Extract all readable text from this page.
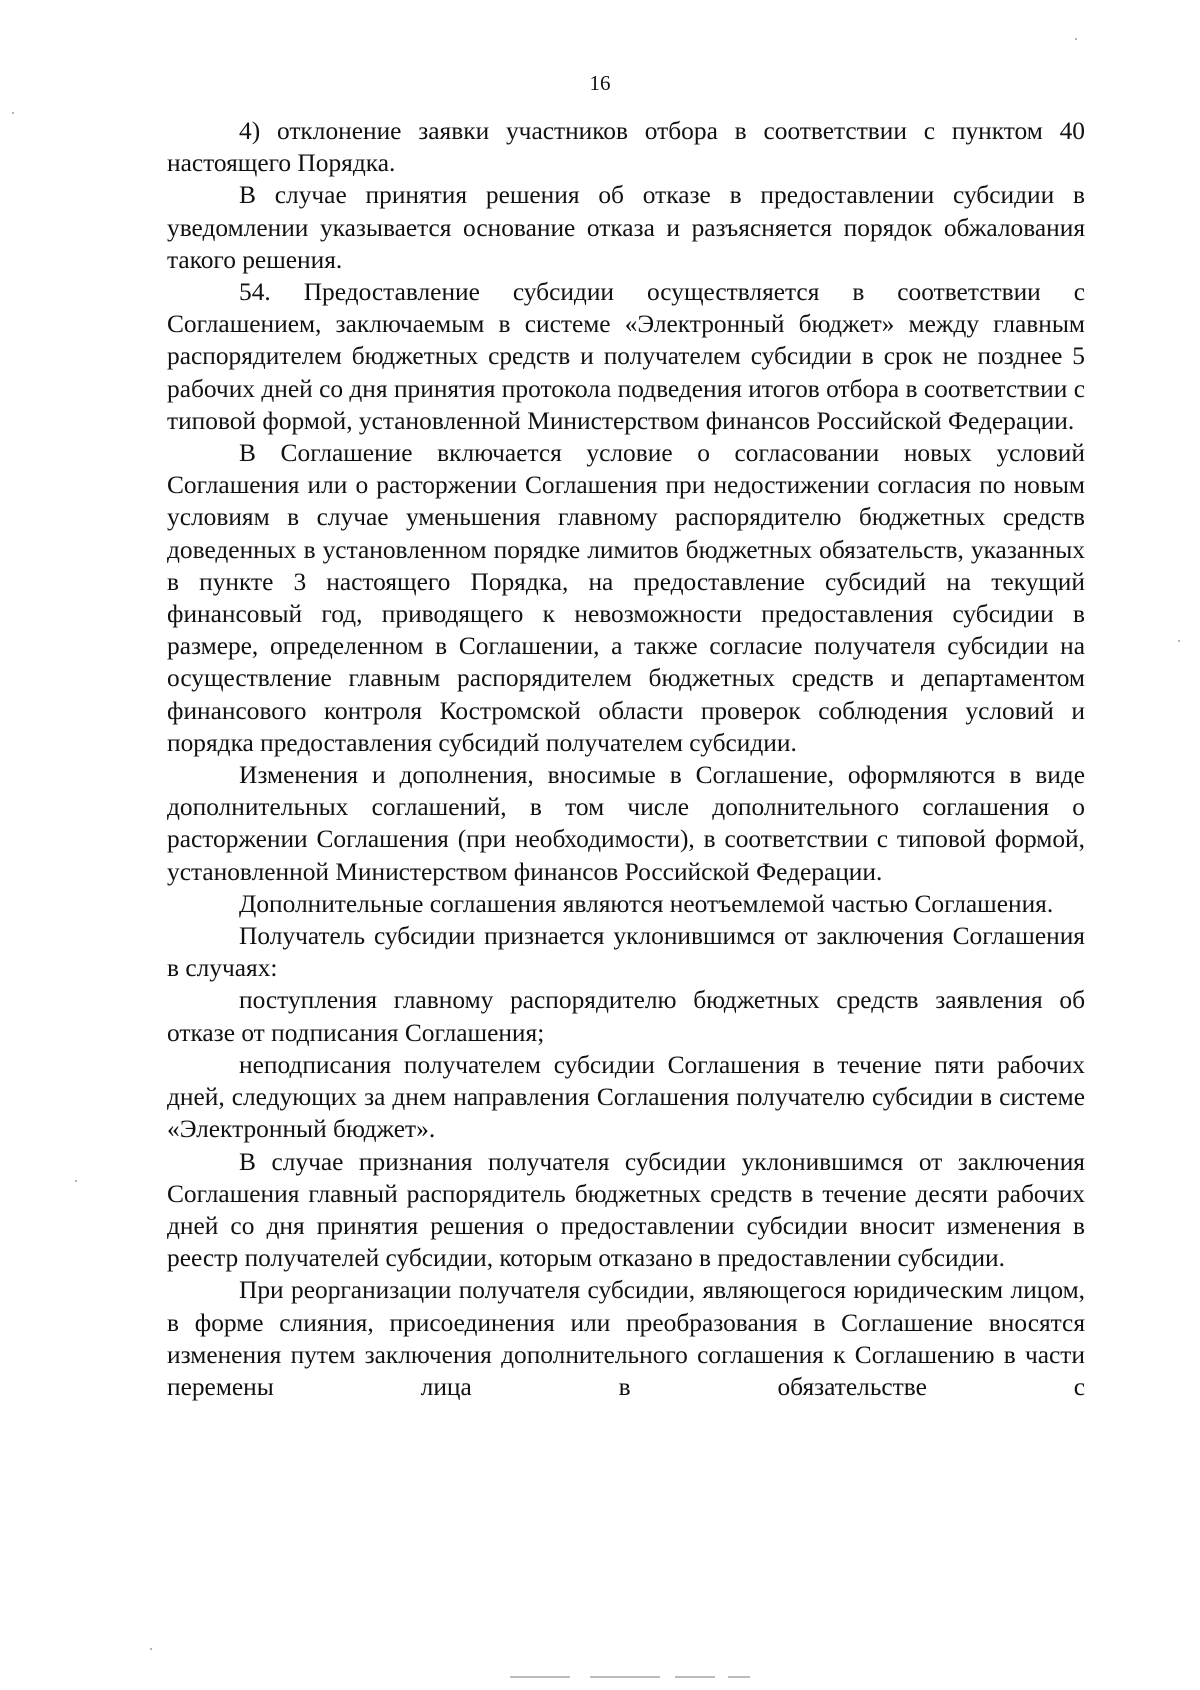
16

4) отклонение заявки участников отбора в соответствии с пунктом 40 настоящего Порядка.

В случае принятия решения об отказе в предоставлении субсидии в уведомлении указывается основание отказа и разъясняется порядок обжалования такого решения.

54. Предоставление субсидии осуществляется в соответствии с Соглашением, заключаемым в системе «Электронный бюджет» между главным распорядителем бюджетных средств и получателем субсидии в срок не позднее 5 рабочих дней со дня принятия протокола подведения итогов отбора в соответствии с типовой формой, установленной Министерством финансов Российской Федерации.

В Соглашение включается условие о согласовании новых условий Соглашения или о расторжении Соглашения при недостижении согласия по новым условиям в случае уменьшения главному распорядителю бюджетных средств доведенных в установленном порядке лимитов бюджетных обязательств, указанных в пункте 3 настоящего Порядка, на предоставление субсидий на текущий финансовый год, приводящего к невозможности предоставления субсидии в размере, определенном в Соглашении, а также согласие получателя субсидии на осуществление главным распорядителем бюджетных средств и департаментом финансового контроля Костромской области проверок соблюдения условий и порядка предоставления субсидий получателем субсидии.

Изменения и дополнения, вносимые в Соглашение, оформляются в виде дополнительных соглашений, в том числе дополнительного соглашения о расторжении Соглашения (при необходимости), в соответствии с типовой формой, установленной Министерством финансов Российской Федерации.

Дополнительные соглашения являются неотъемлемой частью Соглашения.

Получатель субсидии признается уклонившимся от заключения Соглашения в случаях:

поступления главному распорядителю бюджетных средств заявления об отказе от подписания Соглашения;

неподписания получателем субсидии Соглашения в течение пяти рабочих дней, следующих за днем направления Соглашения получателю субсидии в системе «Электронный бюджет».

В случае признания получателя субсидии уклонившимся от заключения Соглашения главный распорядитель бюджетных средств в течение десяти рабочих дней со дня принятия решения о предоставлении субсидии вносит изменения в реестр получателей субсидии, которым отказано в предоставлении субсидии.

При реорганизации получателя субсидии, являющегося юридическим лицом, в форме слияния, присоединения или преобразования в Соглашение вносятся изменения путем заключения дополнительного соглашения к Соглашению в части перемены лица в обязательстве с
